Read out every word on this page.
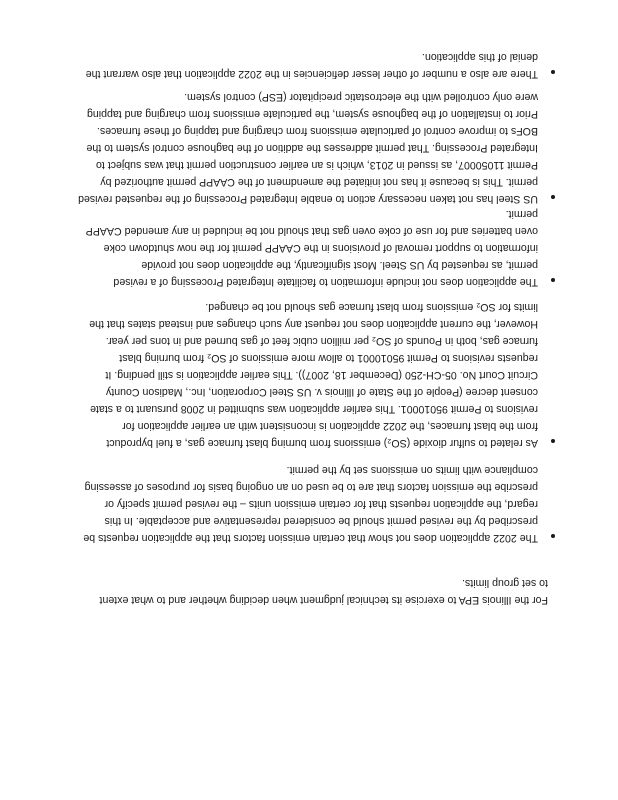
For the Illinois EPA to exercise its technical judgment when deciding whether and to what extent
to set group limits.
The 2022 application does not show that certain emission factors that the application requests be
prescribed by the revised permit should be considered representative and acceptable. In this
regard, the application requests that for certain emission units – the revised permit specify or
prescribe the emission factors that are to be used on an ongoing basis for purposes of assessing
compliance with limits on emissions set by the permit.
As related to sulfur dioxide (SO₂) emissions from burning blast furnace gas, a fuel byproduct
from the blast furnaces, the 2022 application is inconsistent with an earlier application for
revisions to Permit 95010001. This earlier application was submitted in 2008 pursuant to a state
consent decree (People of the State of Illinois v. US Steel Corporation, Inc., Madison County
Circuit Court No. 05-CH-250 (December 18, 2007)). This earlier application is still pending. It
requests revisions to Permit 95010001 to allow more emissions of SO₂ from burning blast
furnace gas, both in Pounds of SO₂ per million cubic feet of gas burned and in tons per year.
However, the current application does not request any such changes and instead states that the
limits for SO₂ emissions from blast furnace gas should not be changed.
The application does not include information to facilitate Integrated Processing of a revised
permit, as requested by US Steel. Most significantly, the application does not provide
information to support removal of provisions in the CAAPP permit for the now shutdown coke
oven batteries and for use of coke oven gas that should not be included in any amended CAAPP
permit.
US Steel has not taken necessary action to enable Integrated Processing of the requested revised
permit. This is because it has not initiated the amendment of the CAAPP permit authorized by
Permit 11050007, as issued in 2013, which is an earlier construction permit that was subject to
Integrated Processing. That permit addresses the addition of the baghouse control system to the
BOFs to improve control of particulate emissions from charging and tapping of these furnaces.
Prior to installation of the baghouse system, the particulate emissions from charging and tapping
were only controlled with the electrostatic precipitator (ESP) control system.
There are also a number of other lesser deficiencies in the 2022 application that also warrant the
denial of this application.
